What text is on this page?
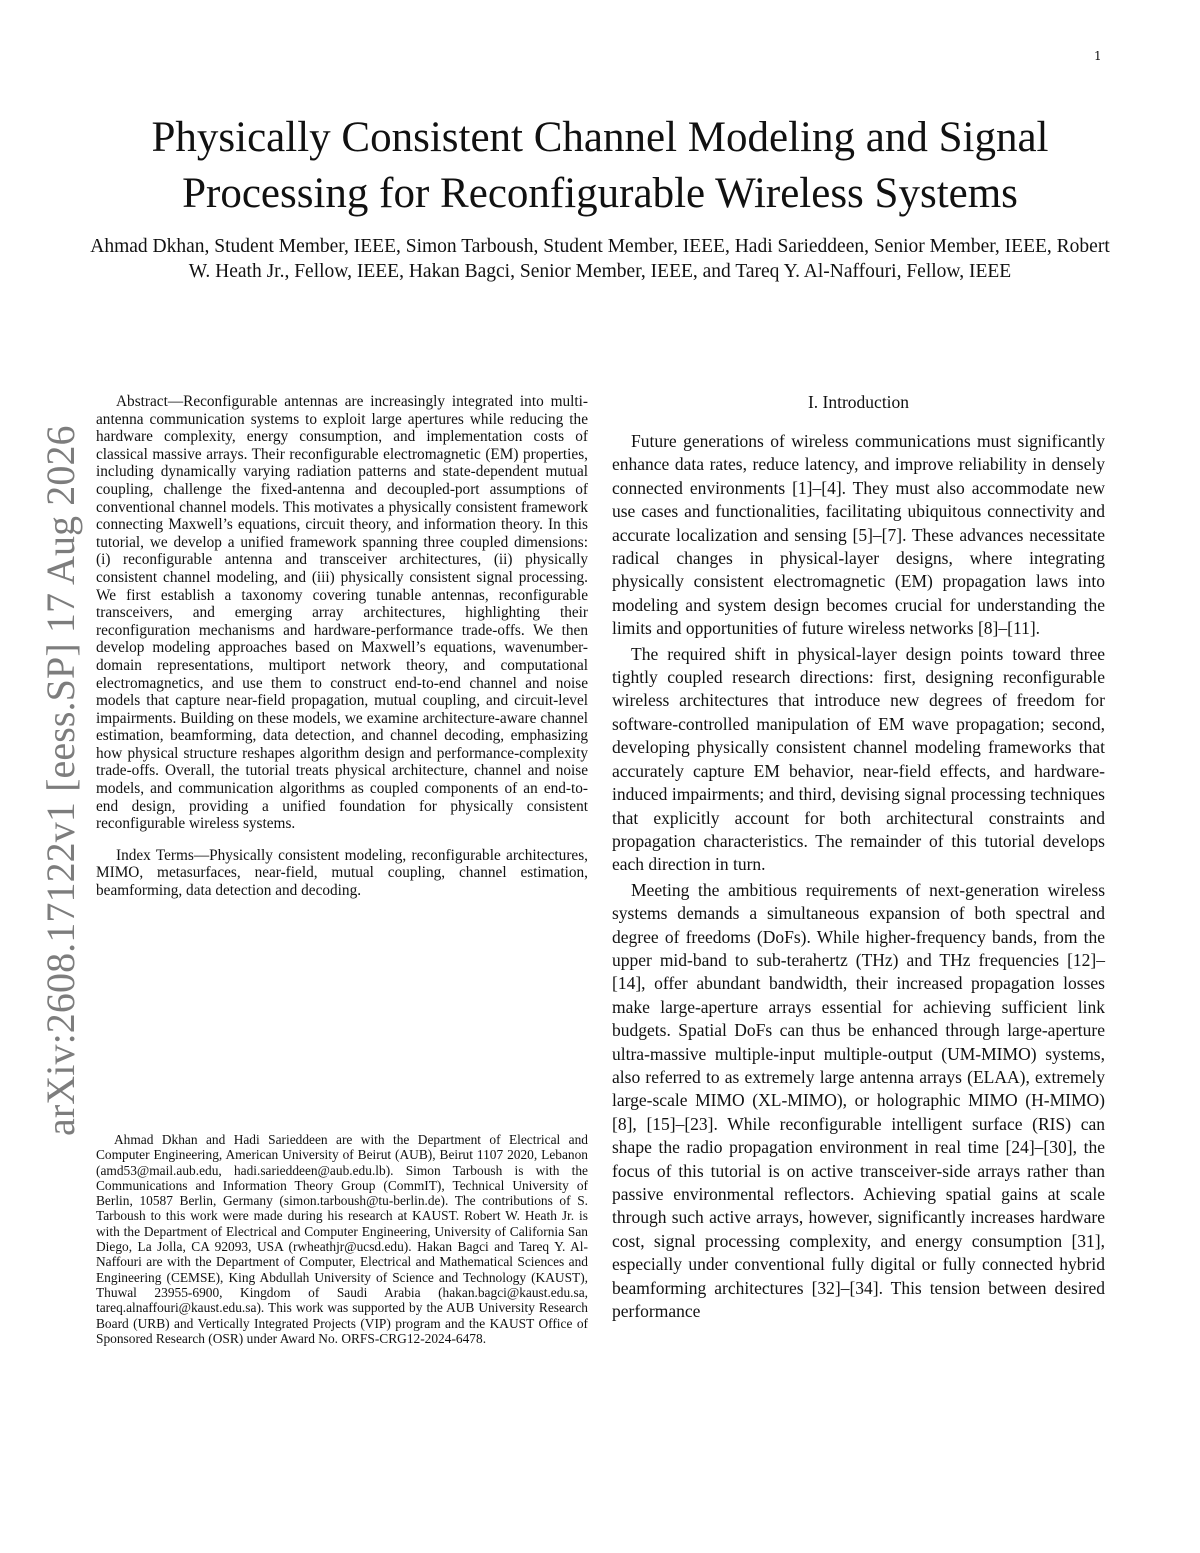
1
arXiv:2608.17122v1 [eess.SP] 17 Aug 2026
Physically Consistent Channel Modeling and Signal Processing for Reconfigurable Wireless Systems

Ahmad Dkhan, Student Member, IEEE, Simon Tarboush, Student Member, IEEE, Hadi Sarieddeen, Senior Member, IEEE, Robert W. Heath Jr., Fellow, IEEE, Hakan Bagci, Senior Member, IEEE, and Tareq Y. Al-Naffouri, Fellow, IEEE

Abstract—Reconfigurable antennas are increasingly integrated into multi-antenna communication systems to exploit large apertures while reducing the hardware complexity, energy consumption, and implementation costs of classical massive arrays. Their reconfigurable electromagnetic (EM) properties, including dynamically varying radiation patterns and state-dependent mutual coupling, challenge the fixed-antenna and decoupled-port assumptions of conventional channel models. This motivates a physically consistent framework connecting Maxwell’s equations, circuit theory, and information theory. In this tutorial, we develop a unified framework spanning three coupled dimensions: (i) reconfigurable antenna and transceiver architectures, (ii) physically consistent channel modeling, and (iii) physically consistent signal processing. We first establish a taxonomy covering tunable antennas, reconfigurable transceivers, and emerging array architectures, highlighting their reconfiguration mechanisms and hardware-performance trade-offs. We then develop modeling approaches based on Maxwell’s equations, wavenumber-domain representations, multiport network theory, and computational electromagnetics, and use them to construct end-to-end channel and noise models that capture near-field propagation, mutual coupling, and circuit-level impairments. Building on these models, we examine architecture-aware channel estimation, beamforming, data detection, and channel decoding, emphasizing how physical structure reshapes algorithm design and performance-complexity trade-offs. Overall, the tutorial treats physical architecture, channel and noise models, and communication algorithms as coupled components of an end-to-end design, providing a unified foundation for physically consistent reconfigurable wireless systems.

Index Terms—Physically consistent modeling, reconfigurable architectures, MIMO, metasurfaces, near-field, mutual coupling, channel estimation, beamforming, data detection and decoding.

Ahmad Dkhan and Hadi Sarieddeen are with the Department of Electrical and Computer Engineering, American University of Beirut (AUB), Beirut 1107 2020, Lebanon (amd53@mail.aub.edu, hadi.sarieddeen@aub.edu.lb). Simon Tarboush is with the Communications and Information Theory Group (CommIT), Technical University of Berlin, 10587 Berlin, Germany (simon.tarboush@tu-berlin.de). The contributions of S. Tarboush to this work were made during his research at KAUST. Robert W. Heath Jr. is with the Department of Electrical and Computer Engineering, University of California San Diego, La Jolla, CA 92093, USA (rwheathjr@ucsd.edu). Hakan Bagci and Tareq Y. Al-Naffouri are with the Department of Computer, Electrical and Mathematical Sciences and Engineering (CEMSE), King Abdullah University of Science and Technology (KAUST), Thuwal 23955-6900, Kingdom of Saudi Arabia (hakan.bagci@kaust.edu.sa, tareq.alnaffouri@kaust.edu.sa). This work was supported by the AUB University Research Board (URB) and Vertically Integrated Projects (VIP) program and the KAUST Office of Sponsored Research (OSR) under Award No. ORFS-CRG12-2024-6478.

I. Introduction

Future generations of wireless communications must significantly enhance data rates, reduce latency, and improve reliability in densely connected environments [1]–[4]. They must also accommodate new use cases and functionalities, facilitating ubiquitous connectivity and accurate localization and sensing [5]–[7]. These advances necessitate radical changes in physical-layer designs, where integrating physically consistent electromagnetic (EM) propagation laws into modeling and system design becomes crucial for understanding the limits and opportunities of future wireless networks [8]–[11].

The required shift in physical-layer design points toward three tightly coupled research directions: first, designing reconfigurable wireless architectures that introduce new degrees of freedom for software-controlled manipulation of EM wave propagation; second, developing physically consistent channel modeling frameworks that accurately capture EM behavior, near-field effects, and hardware-induced impairments; and third, devising signal processing techniques that explicitly account for both architectural constraints and propagation characteristics. The remainder of this tutorial develops each direction in turn.

Meeting the ambitious requirements of next-generation wireless systems demands a simultaneous expansion of both spectral and degree of freedoms (DoFs). While higher-frequency bands, from the upper mid-band to sub-terahertz (THz) and THz frequencies [12]–[14], offer abundant bandwidth, their increased propagation losses make large-aperture arrays essential for achieving sufficient link budgets. Spatial DoFs can thus be enhanced through large-aperture ultra-massive multiple-input multiple-output (UM-MIMO) systems, also referred to as extremely large antenna arrays (ELAA), extremely large-scale MIMO (XL-MIMO), or holographic MIMO (H-MIMO) [8], [15]–[23]. While reconfigurable intelligent surface (RIS) can shape the radio propagation environment in real time [24]–[30], the focus of this tutorial is on active transceiver-side arrays rather than passive environmental reflectors. Achieving spatial gains at scale through such active arrays, however, significantly increases hardware cost, signal processing complexity, and energy consumption [31], especially under conventional fully digital or fully connected hybrid beamforming architectures [32]–[34]. This tension between desired performance
